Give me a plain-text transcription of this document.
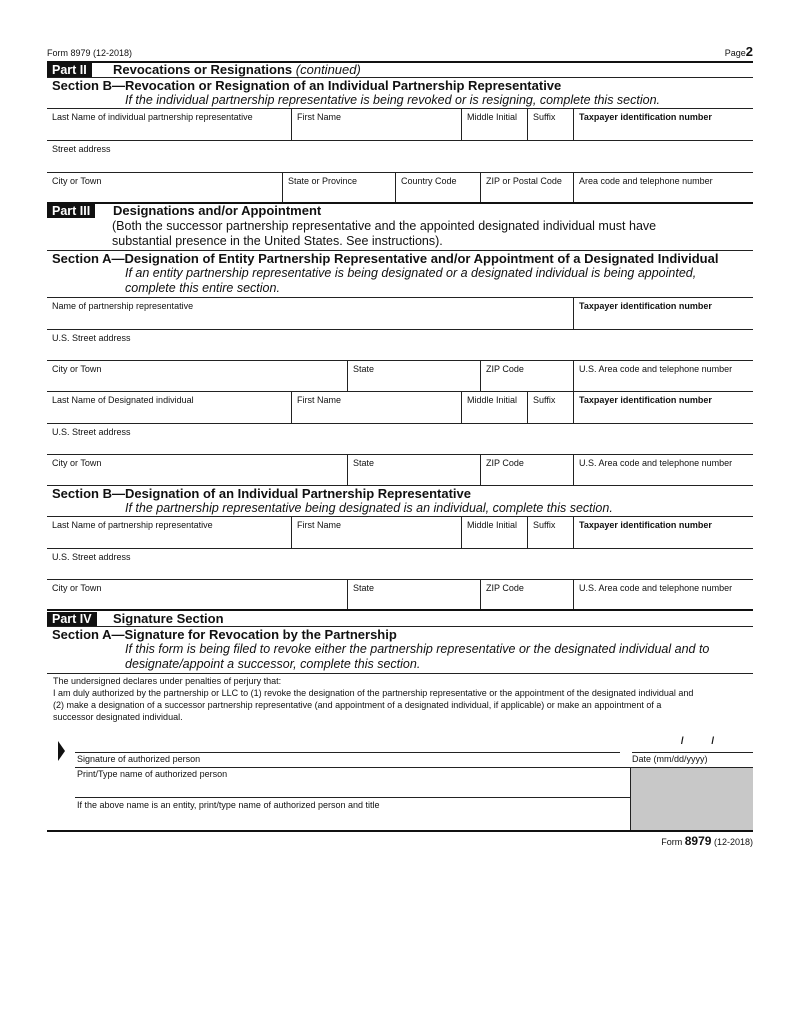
Form 8979 (12-2018)	Page2
Part II	Revocations or Resignations (continued)
Section B—Revocation or Resignation of an Individual Partnership Representative
If the individual partnership representative is being revoked or is resigning, complete this section.
Last Name of individual partnership representative	First Name	Middle Initial	Suffix	Taxpayer identification number
Street address
City or Town	State or Province	Country Code	ZIP or Postal Code	Area code and telephone number
Part III	Designations and/or Appointment
(Both the successor partnership representative and the appointed designated individual must have
substantial presence in the United States. See instructions).
Section A—Designation of Entity Partnership Representative and/or Appointment of a Designated Individual
If an entity partnership representative is being designated or a designated individual is being appointed,
complete this entire section.
Name of partnership representative	Taxpayer identification number
U.S. Street address
City or Town	State	ZIP Code	U.S. Area code and telephone number
Last Name of Designated individual	First Name	Middle Initial	Suffix	Taxpayer identification number
U.S. Street address
City or Town	State	ZIP Code	U.S. Area code and telephone number
Section B—Designation of an Individual Partnership Representative
If the partnership representative being designated is an individual, complete this section.
Last Name of partnership representative	First Name	Middle Initial	Suffix	Taxpayer identification number
U.S. Street address
City or Town	State	ZIP Code	U.S. Area code and telephone number
Part IV	Signature Section
Section A—Signature for Revocation by the Partnership
If this form is being filed to revoke either the partnership representative or the designated individual and to
designate/appoint a successor, complete this section.
The undersigned declares under penalties of perjury that:
I am duly authorized by the partnership or LLC to (1) revoke the designation of the partnership representative or the appointment of the designated individual and
(2) make a designation of a successor partnership representative (and appointment of a designated individual, if applicable) or make an appointment of a
successor designated individual.
/          /
Signature of authorized person	Date (mm/dd/yyyy)
Print/Type name of authorized person
If the above name is an entity, print/type name of authorized person and title
Form 8979 (12-2018)
